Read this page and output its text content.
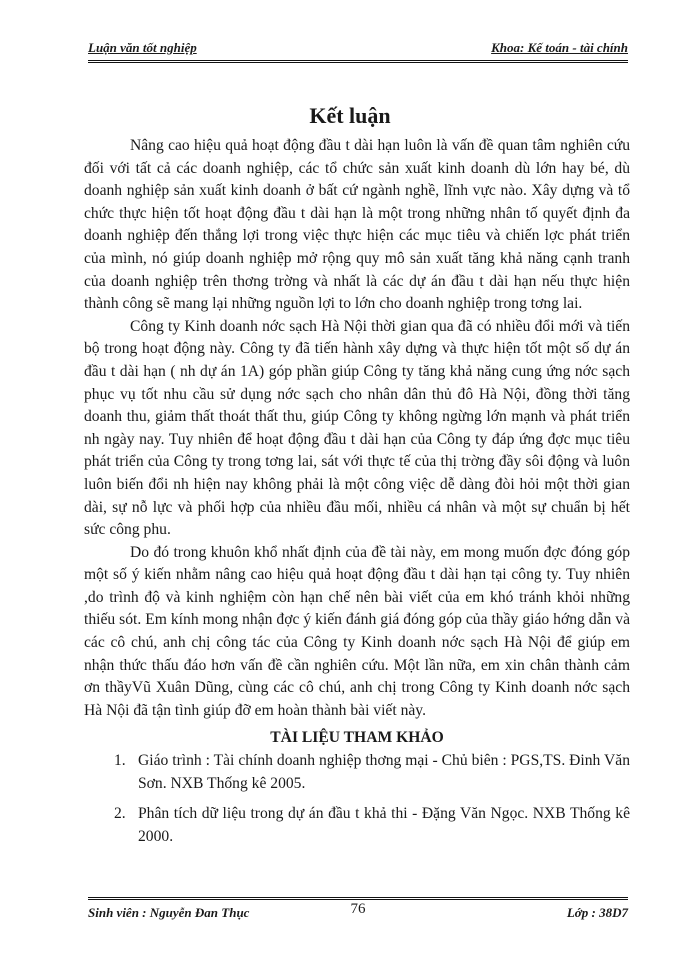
Luận văn tốt nghiệp	Khoa: Kế toán - tài chính
Kết luận

Nâng cao hiệu quả hoạt động đầu t dài hạn luôn là vấn đề quan tâm nghiên cứu đối với tất cả các doanh nghiệp, các tổ chức sản xuất kinh doanh dù lớn hay bé, dù doanh nghiệp sản xuất kinh doanh ở bất cứ ngành nghề, lĩnh vực nào. Xây dựng và tổ chức thực hiện tốt hoạt động đầu t dài hạn là một trong những nhân tố quyết định đa doanh nghiệp đến thắng lợi trong việc thực hiện các mục tiêu và chiến lợc phát triển của mình, nó giúp doanh nghiệp mở rộng quy mô sản xuất tăng khả năng cạnh tranh của doanh nghiệp trên thơng trờng và nhất là các dự án đầu t dài hạn nếu thực hiện thành công sẽ mang lại những nguồn lợi to lớn cho doanh nghiệp trong tơng lai.

Công ty Kinh doanh nớc sạch Hà Nội thời gian qua đã có nhiều đổi mới và tiến bộ trong hoạt động này. Công ty đã tiến hành xây dựng và thực hiện tốt một số dự án đầu t dài hạn ( nh dự án 1A) góp phần giúp Công ty tăng khả năng cung ứng nớc sạch phục vụ tốt nhu cầu sử dụng nớc sạch cho nhân dân thủ đô Hà Nội, đồng thời tăng doanh thu, giảm thất thoát thất thu, giúp Công ty không ngừng lớn mạnh và phát triển nh ngày nay. Tuy nhiên để hoạt động đầu t dài hạn của Công ty đáp ứng đợc mục tiêu phát triển của Công ty trong tơng lai, sát với thực tế của thị trờng đầy sôi động và luôn luôn biến đổi nh hiện nay không phải là một công việc dễ dàng đòi hỏi một thời gian dài, sự nỗ lực và phối hợp của nhiều đầu mối, nhiều cá nhân và một sự chuẩn bị hết sức công phu.

Do đó trong khuôn khổ nhất định của đề tài này, em mong muốn đợc đóng góp một số ý kiến nhằm nâng cao hiệu quả hoạt động đầu t dài hạn tại công ty. Tuy nhiên ,do trình độ và kinh nghiệm còn hạn chế nên bài viết của em khó tránh khỏi những thiếu sót. Em kính mong nhận đợc ý kiến đánh giá đóng góp của thầy giáo hớng dẫn và các cô chú, anh chị công tác của Công ty Kinh doanh nớc sạch Hà Nội để giúp em nhận thức thấu đáo hơn vấn đề cần nghiên cứu. Một lần nữa, em xin chân thành cảm ơn thầyVũ Xuân Dũng, cùng các cô chú, anh chị trong Công ty Kinh doanh nớc sạch Hà Nội đã tận tình giúp đỡ em hoàn thành bài viết này.

TÀI LIỆU THAM KHẢO
1. Giáo trình : Tài chính doanh nghiệp thơng mại - Chủ biên : PGS,TS. Đinh Văn Sơn. NXB Thống kê 2005.
2. Phân tích dữ liệu trong dự án đầu t khả thi - Đặng Văn Ngọc. NXB Thống kê 2000.
Sinh viên : Nguyễn Đan Thục	76	Lớp : 38D7
